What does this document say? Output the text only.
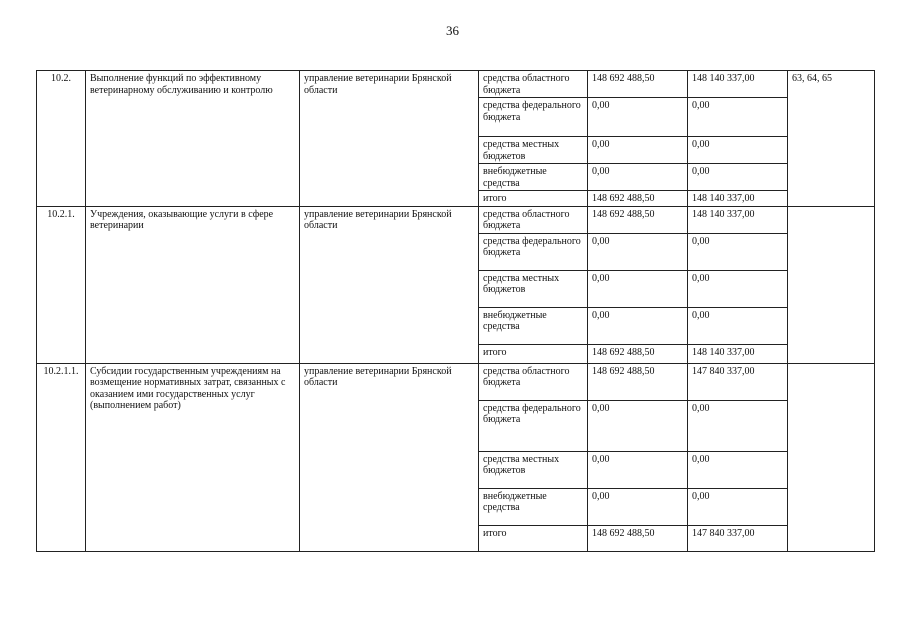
36
10.2.	Выполнение функций по эффективному ветеринарному обслуживанию и контролю	управление ветеринарии Брянской области	средства областного бюджета	148 692 488,50	148 140 337,00	63, 64, 65
			средства федерального бюджета	0,00	0,00	
			средства местных бюджетов	0,00	0,00	
			внебюджетные средства	0,00	0,00	
			итого	148 692 488,50	148 140 337,00	
10.2.1.	Учреждения, оказывающие услуги в сфере ветеринарии	управление ветеринарии Брянской области	средства областного бюджета	148 692 488,50	148 140 337,00	
			средства федерального бюджета	0,00	0,00	
			средства местных бюджетов	0,00	0,00	
			внебюджетные средства	0,00	0,00	
			итого	148 692 488,50	148 140 337,00	
10.2.1.1.	Субсидии государственным учреждениям на возмещение нормативных затрат, связанных с оказанием ими государственных услуг (выполнением работ)	управление ветеринарии Брянской области	средства областного бюджета	148 692 488,50	147 840 337,00	
			средства федерального бюджета	0,00	0,00	
			средства местных бюджетов	0,00	0,00	
			внебюджетные средства	0,00	0,00	
			итого	148 692 488,50	147 840 337,00	
